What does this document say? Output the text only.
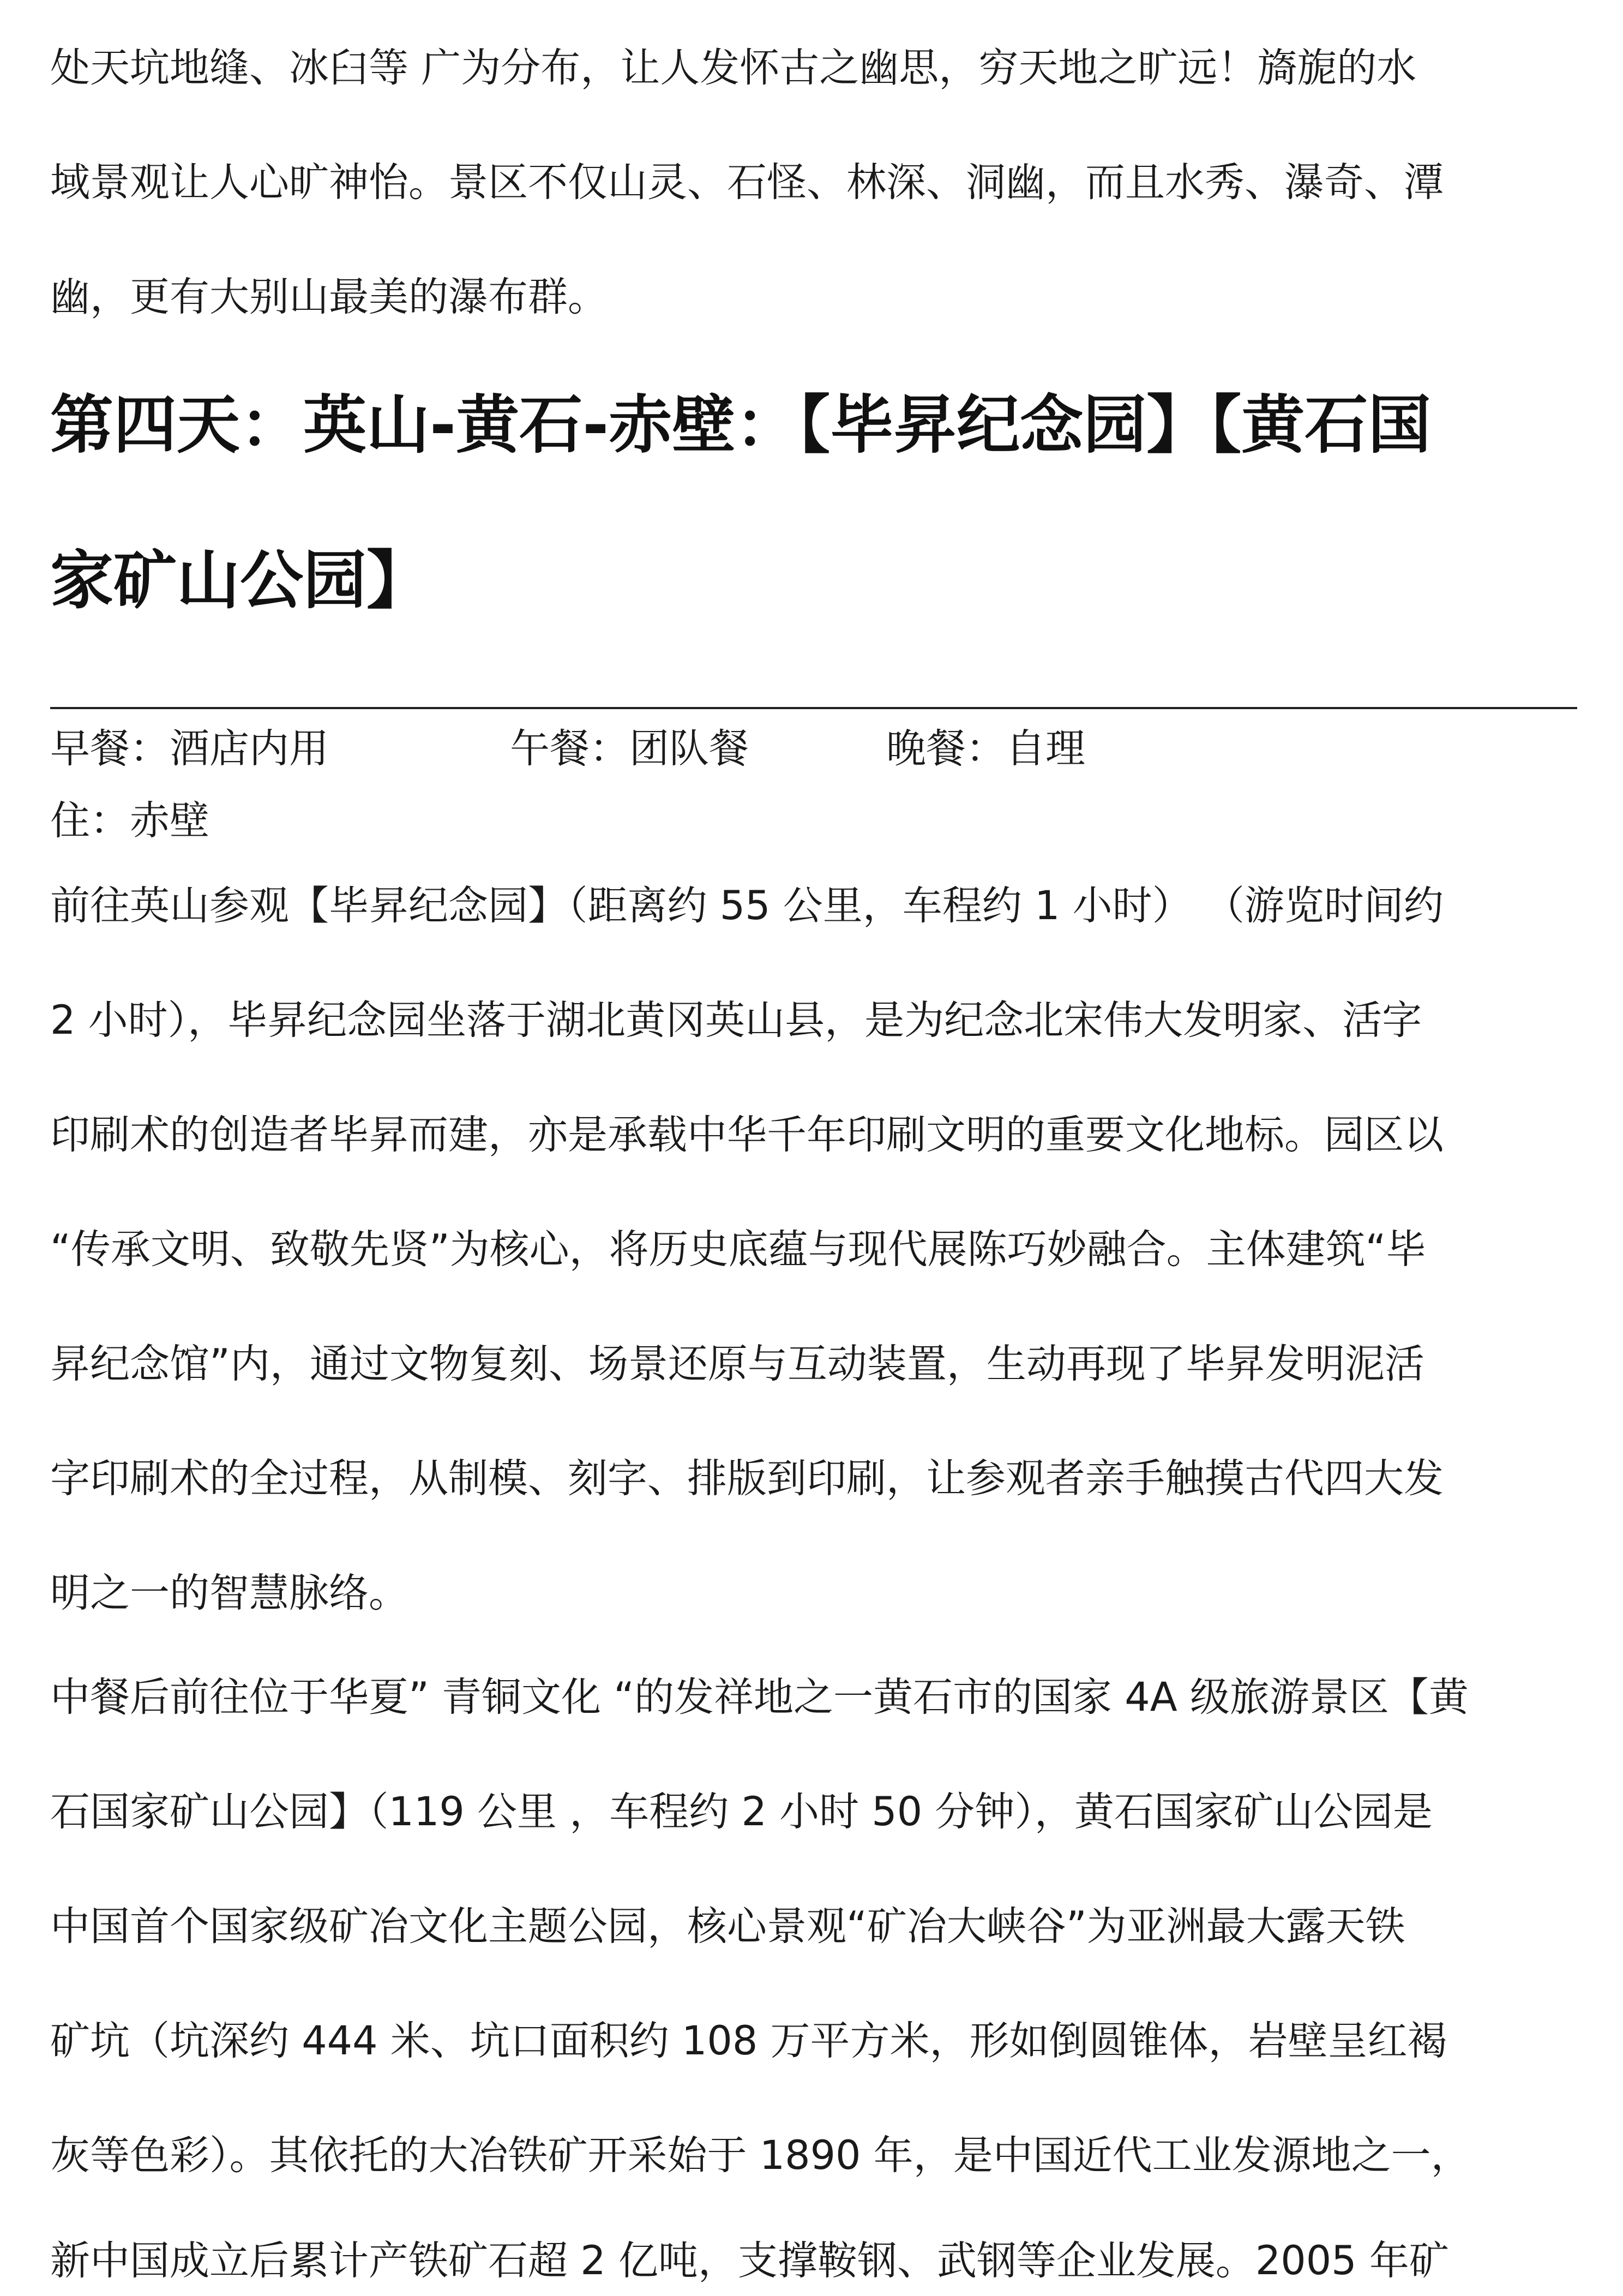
处天坑地缝、冰臼等 广为分布，让人发怀古之幽思，穷天地之旷远！旖旎的水
域景观让人心旷神怡。景区不仅山灵、石怪、林深、洞幽，而且水秀、瀑奇、潭
幽，更有大别山最美的瀑布群。
第四天：英山-黄石-赤壁：【毕昇纪念园】【黄石国
家矿山公园】
早餐：酒店内用	午餐：团队餐	晚餐：自理
住：赤壁
前往英山参观【毕昇纪念园】（距离约 55 公里，车程约 1 小时） （游览时间约
2 小时），毕昇纪念园坐落于湖北黄冈英山县，是为纪念北宋伟大发明家、活字
印刷术的创造者毕昇而建，亦是承载中华千年印刷文明的重要文化地标。园区以
“传承文明、致敬先贤”为核心，将历史底蕴与现代展陈巧妙融合。主体建筑“毕
昇纪念馆”内，通过文物复刻、场景还原与互动装置，生动再现了毕昇发明泥活
字印刷术的全过程，从制模、刻字、排版到印刷，让参观者亲手触摸古代四大发
明之一的智慧脉络。
中餐后前往位于华夏” 青铜文化 “的发祥地之一黄石市的国家 4A 级旅游景区【黄
石国家矿山公园】（119 公里 ，车程约 2 小时 50 分钟），黄石国家矿山公园是
中国首个国家级矿冶文化主题公园，核心景观“矿冶大峡谷”为亚洲最大露天铁
矿坑（坑深约 444 米、坑口面积约 108 万平方米，形如倒圆锥体，岩壁呈红褐
灰等色彩）。其依托的大冶铁矿开采始于 1890 年，是中国近代工业发源地之一，
新中国成立后累计产铁矿石超 2 亿吨，支撑鞍钢、武钢等企业发展。2005 年矿
